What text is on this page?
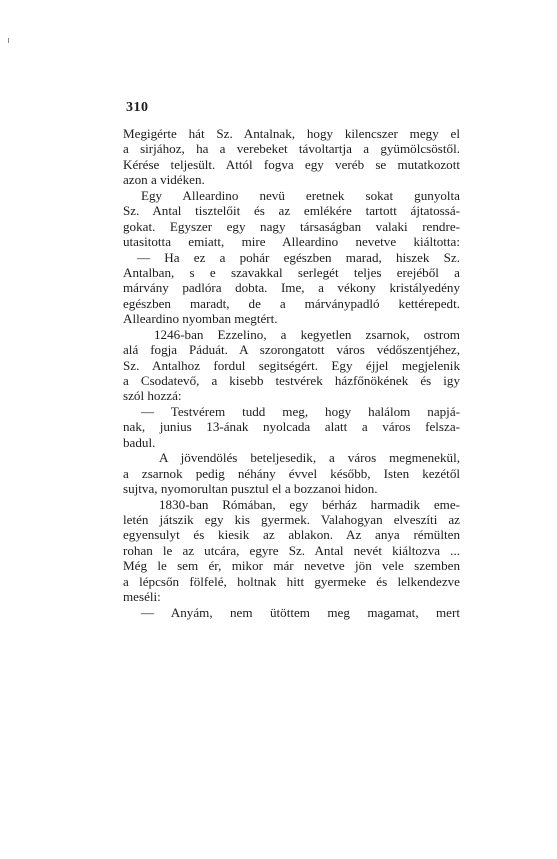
310
Megigérte hát Sz. Antalnak, hogy kilencszer megy el
a sirjához, ha a verebeket távoltartja a gyümölcsöstől.
Kérése teljesült. Attól fogva egy veréb se mutatkozott
azon a vidéken.
Egy Alleardino nevü eretnek sokat gunyolta
Sz. Antal tisztelőit és az emlékére tartott ájtatossá-
gokat. Egyszer egy nagy társaságban valaki rendre-
utasitotta emiatt, mire Alleardino nevetve kiáltotta:
— Ha ez a pohár egészben marad, hiszek Sz.
Antalban, s e szavakkal serlegét teljes erejéből a
márvány padlóra dobta. Ime, a vékony kristályedény
egészben maradt, de a márványpadló kettérepedt.
Alleardino nyomban megtért.
1246-ban Ezzelino, a kegyetlen zsarnok, ostrom
alá fogja Páduát. A szorongatott város védőszentjéhez,
Sz. Antalhoz fordul segitségért. Egy éjjel megjelenik
a Csodatevő, a kisebb testvérek házfőnökének és igy
szól hozzá:
— Testvérem tudd meg, hogy halálom napjá-
nak, junius 13-ának nyolcada alatt a város felsza-
badul.
A jövendölés beteljesedik, a város megmenekül,
a zsarnok pedig néhány évvel később, Isten kezétől
sujtva, nyomorultan pusztul el a bozzanoi hidon.
1830-ban Rómában, egy bérház harmadik eme-
letén játszik egy kis gyermek. Valahogyan elveszíti az
egyensulyt és kiesik az ablakon. Az anya rémülten
rohan le az utcára, egyre Sz. Antal nevét kiáltozva ...
Még le sem ér, mikor már nevetve jön vele szemben
a lépcsőn fölfelé, holtnak hitt gyermeke és lelkendezve
meséli:
— Anyám, nem ütöttem meg magamat, mert
